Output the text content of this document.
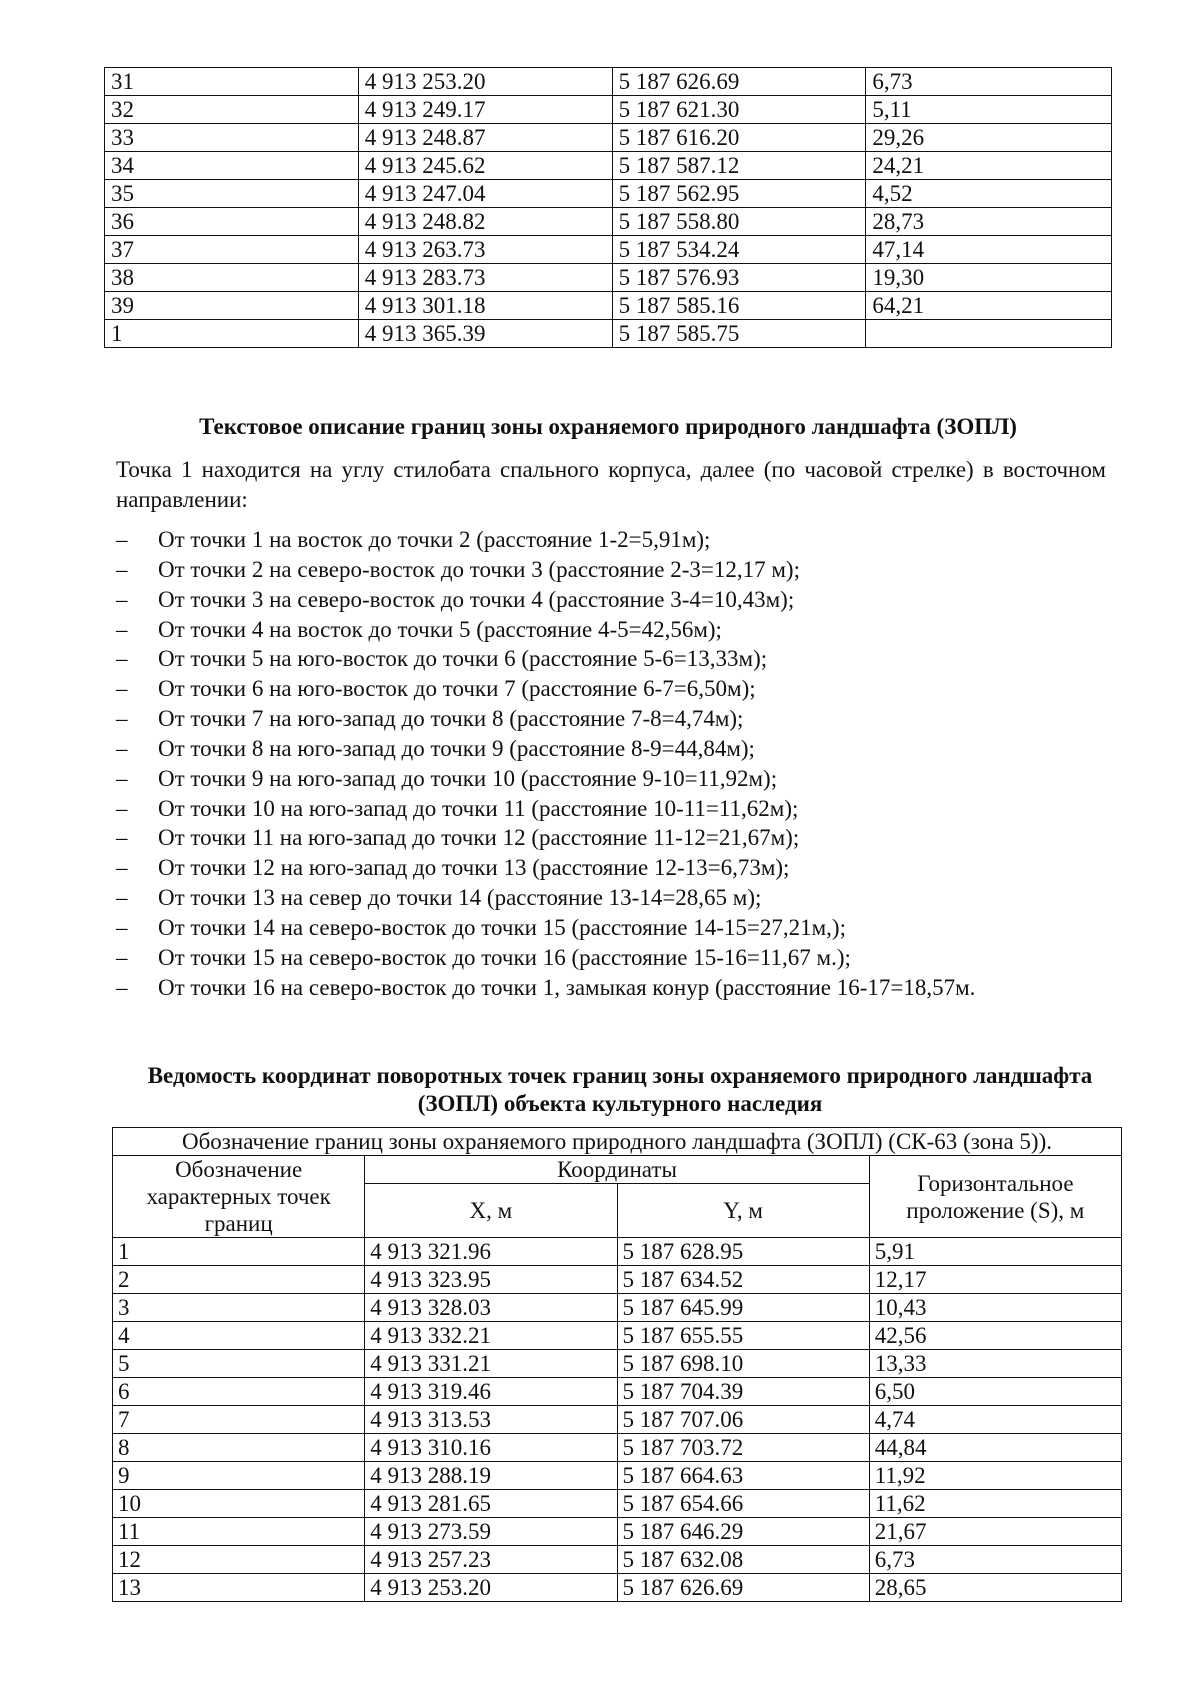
31	4 913 253.20	5 187 626.69	6,73
32	4 913 249.17	5 187 621.30	5,11
33	4 913 248.87	5 187 616.20	29,26
34	4 913 245.62	5 187 587.12	24,21
35	4 913 247.04	5 187 562.95	4,52
36	4 913 248.82	5 187 558.80	28,73
37	4 913 263.73	5 187 534.24	47,14
38	4 913 283.73	5 187 576.93	19,30
39	4 913 301.18	5 187 585.16	64,21
1	4 913 365.39	5 187 585.75	
Текстовое описание границ зоны охраняемого природного ландшафта (ЗОПЛ)
Точка 1 находится на углу стилобата спального корпуса, далее (по часовой стрелке) в восточном направлении:
– От точки 1 на восток до точки 2 (расстояние 1-2=5,91м);
– От точки 2 на северо-восток до точки 3 (расстояние 2-3=12,17 м);
– От точки 3 на северо-восток до точки 4 (расстояние 3-4=10,43м);
– От точки 4 на восток до точки 5 (расстояние 4-5=42,56м);
– От точки 5 на юго-восток до точки 6 (расстояние 5-6=13,33м);
– От точки 6 на юго-восток до точки 7 (расстояние 6-7=6,50м);
– От точки 7 на юго-запад до точки 8 (расстояние 7-8=4,74м);
– От точки 8 на юго-запад до точки 9 (расстояние 8-9=44,84м);
– От точки 9 на юго-запад до точки 10 (расстояние 9-10=11,92м);
– От точки 10 на юго-запад до точки 11 (расстояние 10-11=11,62м);
– От точки 11 на юго-запад до точки 12 (расстояние 11-12=21,67м);
– От точки 12 на юго-запад до точки 13 (расстояние 12-13=6,73м);
– От точки 13 на север до точки 14 (расстояние 13-14=28,65 м);
– От точки 14 на северо-восток до точки 15 (расстояние 14-15=27,21м,);
– От точки 15 на северо-восток до точки 16 (расстояние 15-16=11,67 м.);
– От точки 16 на северо-восток до точки 1, замыкая конур (расстояние 16-17=18,57м.
Ведомость координат поворотных точек границ зоны охраняемого природного ландшафта (ЗОПЛ) объекта культурного наследия
Обозначение границ зоны охраняемого природного ландшафта (ЗОПЛ) (СК-63 (зона 5)).			
Обозначение характерных точек границ	Координаты		Горизонтальное проложение (S), м
	X, м	Y, м	
1	4 913 321.96	5 187 628.95	5,91
2	4 913 323.95	5 187 634.52	12,17
3	4 913 328.03	5 187 645.99	10,43
4	4 913 332.21	5 187 655.55	42,56
5	4 913 331.21	5 187 698.10	13,33
6	4 913 319.46	5 187 704.39	6,50
7	4 913 313.53	5 187 707.06	4,74
8	4 913 310.16	5 187 703.72	44,84
9	4 913 288.19	5 187 664.63	11,92
10	4 913 281.65	5 187 654.66	11,62
11	4 913 273.59	5 187 646.29	21,67
12	4 913 257.23	5 187 632.08	6,73
13	4 913 253.20	5 187 626.69	28,65
